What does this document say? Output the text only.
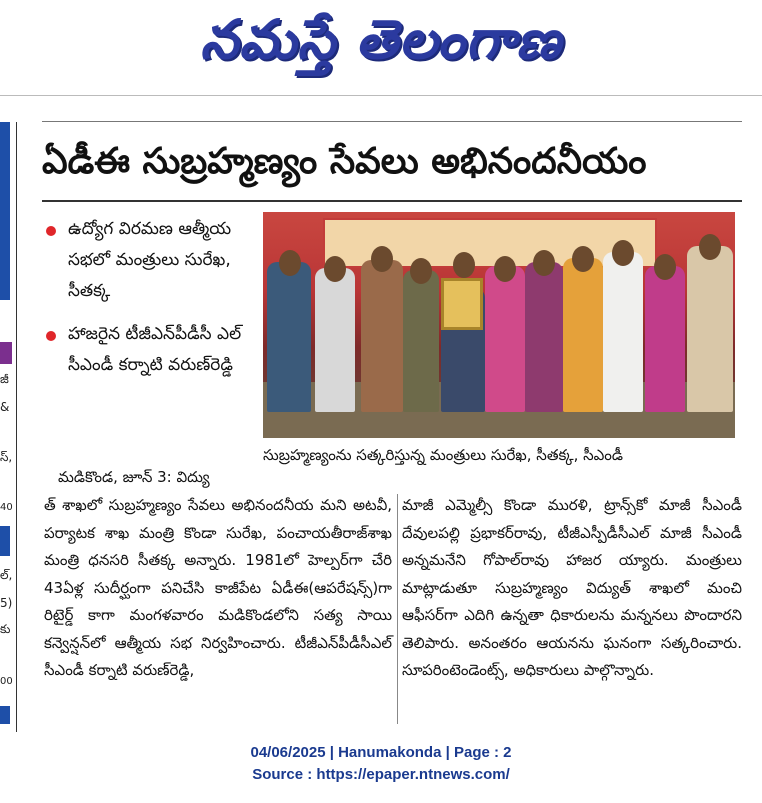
నమస్తే తెలంగాణ
జీ
&
స్,
40
ల్,
5)
కు
00
ఏడీఈ సుబ్రహ్మణ్యం సేవలు అభినందనీయం
ఉద్యోగ విరమణ ఆత్మీయ సభలో మంత్రులు సురేఖ, సీతక్క
హాజరైన టీజీఎన్‌పీడీసీ ఎల్ సీఎండీ కర్నాటి వరుణ్‌రెడ్డి

సుబ్రహ్మణ్యంను సత్కరిస్తున్న మంత్రులు సురేఖ, సీతక్క, సీఎండీ

మడికొండ, జూన్ 3: విద్యు

త్ శాఖలో సుబ్రహ్మణ్యం సేవలు అభినందనీయ మని అటవీ, పర్యాటక శాఖ మంత్రి కొండా సురేఖ, పంచాయతీరాజ్‌శాఖ మంత్రి ధనసరి సీతక్క అన్నారు. 1981లో హెల్పర్‌గా చేరి 43ఏళ్ల సుదీర్ఘంగా పనిచేసి కాజీపేట ఏడీఈ(ఆపరేషన్స్)గా రిటైర్డ్ కాగా మంగళవారం మడికొండలోని సత్య సాయి కన్వెన్షన్‌లో ఆత్మీయ సభ నిర్వహించారు. టీజీఎన్‌పీడీసీఎల్ సీఎండీ కర్నాటి వరుణ్‌రెడ్డి,

మాజీ ఎమ్మెల్సీ కొండా మురళి, ట్రాన్స్‌కో మాజీ సీఎండీ దేవులపల్లి ప్రభాకర్‌రావు, టీజీఎస్పీడీసీఎల్ మాజీ సీఎండీ అన్నమనేని గోపాల్‌రావు హాజర య్యారు. మంత్రులు మాట్లాడుతూ సుబ్రహ్మణ్యం విద్యుత్ శాఖలో మంచి ఆఫీసర్‌గా ఎదిగి ఉన్నతా ధికారులను మన్ననలు పొందారని తెలిపారు. అనంతరం ఆయనను ఘనంగా సత్కరించారు. సూపరింటెండెంట్స్, అధికారులు పాల్గొన్నారు.

04/06/2025 | Hanumakonda | Page : 2
Source : https://epaper.ntnews.com/
